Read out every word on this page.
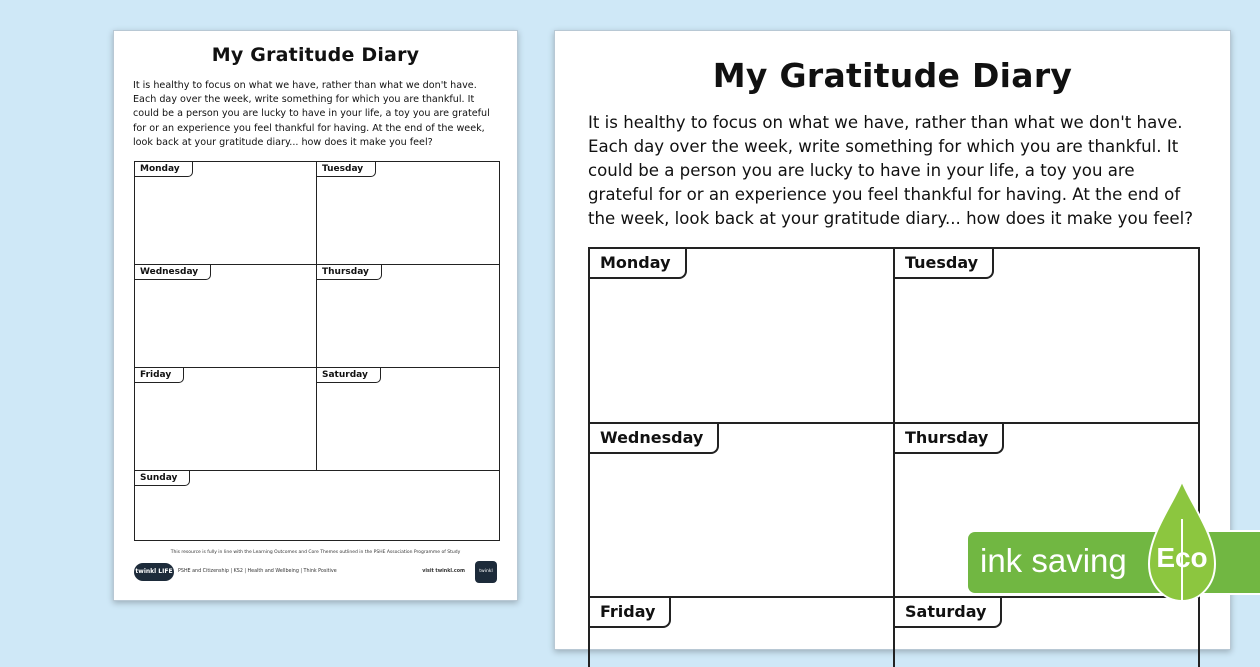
My Gratitude Diary
It is healthy to focus on what we have, rather than what we don't have. Each day over the week, write something for which you are thankful. It could be a person you are lucky to have in your life, a toy you are grateful for or an experience you feel thankful for having. At the end of the week, look back at your gratitude diary... how does it make you feel?
Monday	Tuesday
Wednesday	Thursday
Friday	Saturday
Sunday
This resource is fully in line with the Learning Outcomes and Core Themes outlined in the PSHE Association Programme of Study
twinkl LIFE PSHE and Citizenship | KS2 | Health and Wellbeing | Think Positive	visit twinkl.com	twinkl
My Gratitude Diary
It is healthy to focus on what we have, rather than what we don't have. Each day over the week, write something for which you are thankful. It could be a person you are lucky to have in your life, a toy you are grateful for or an experience you feel thankful for having. At the end of the week, look back at your gratitude diary... how does it make you feel?
Monday	Tuesday
Wednesday	Thursday
Friday	Saturday
ink saving	Eco
